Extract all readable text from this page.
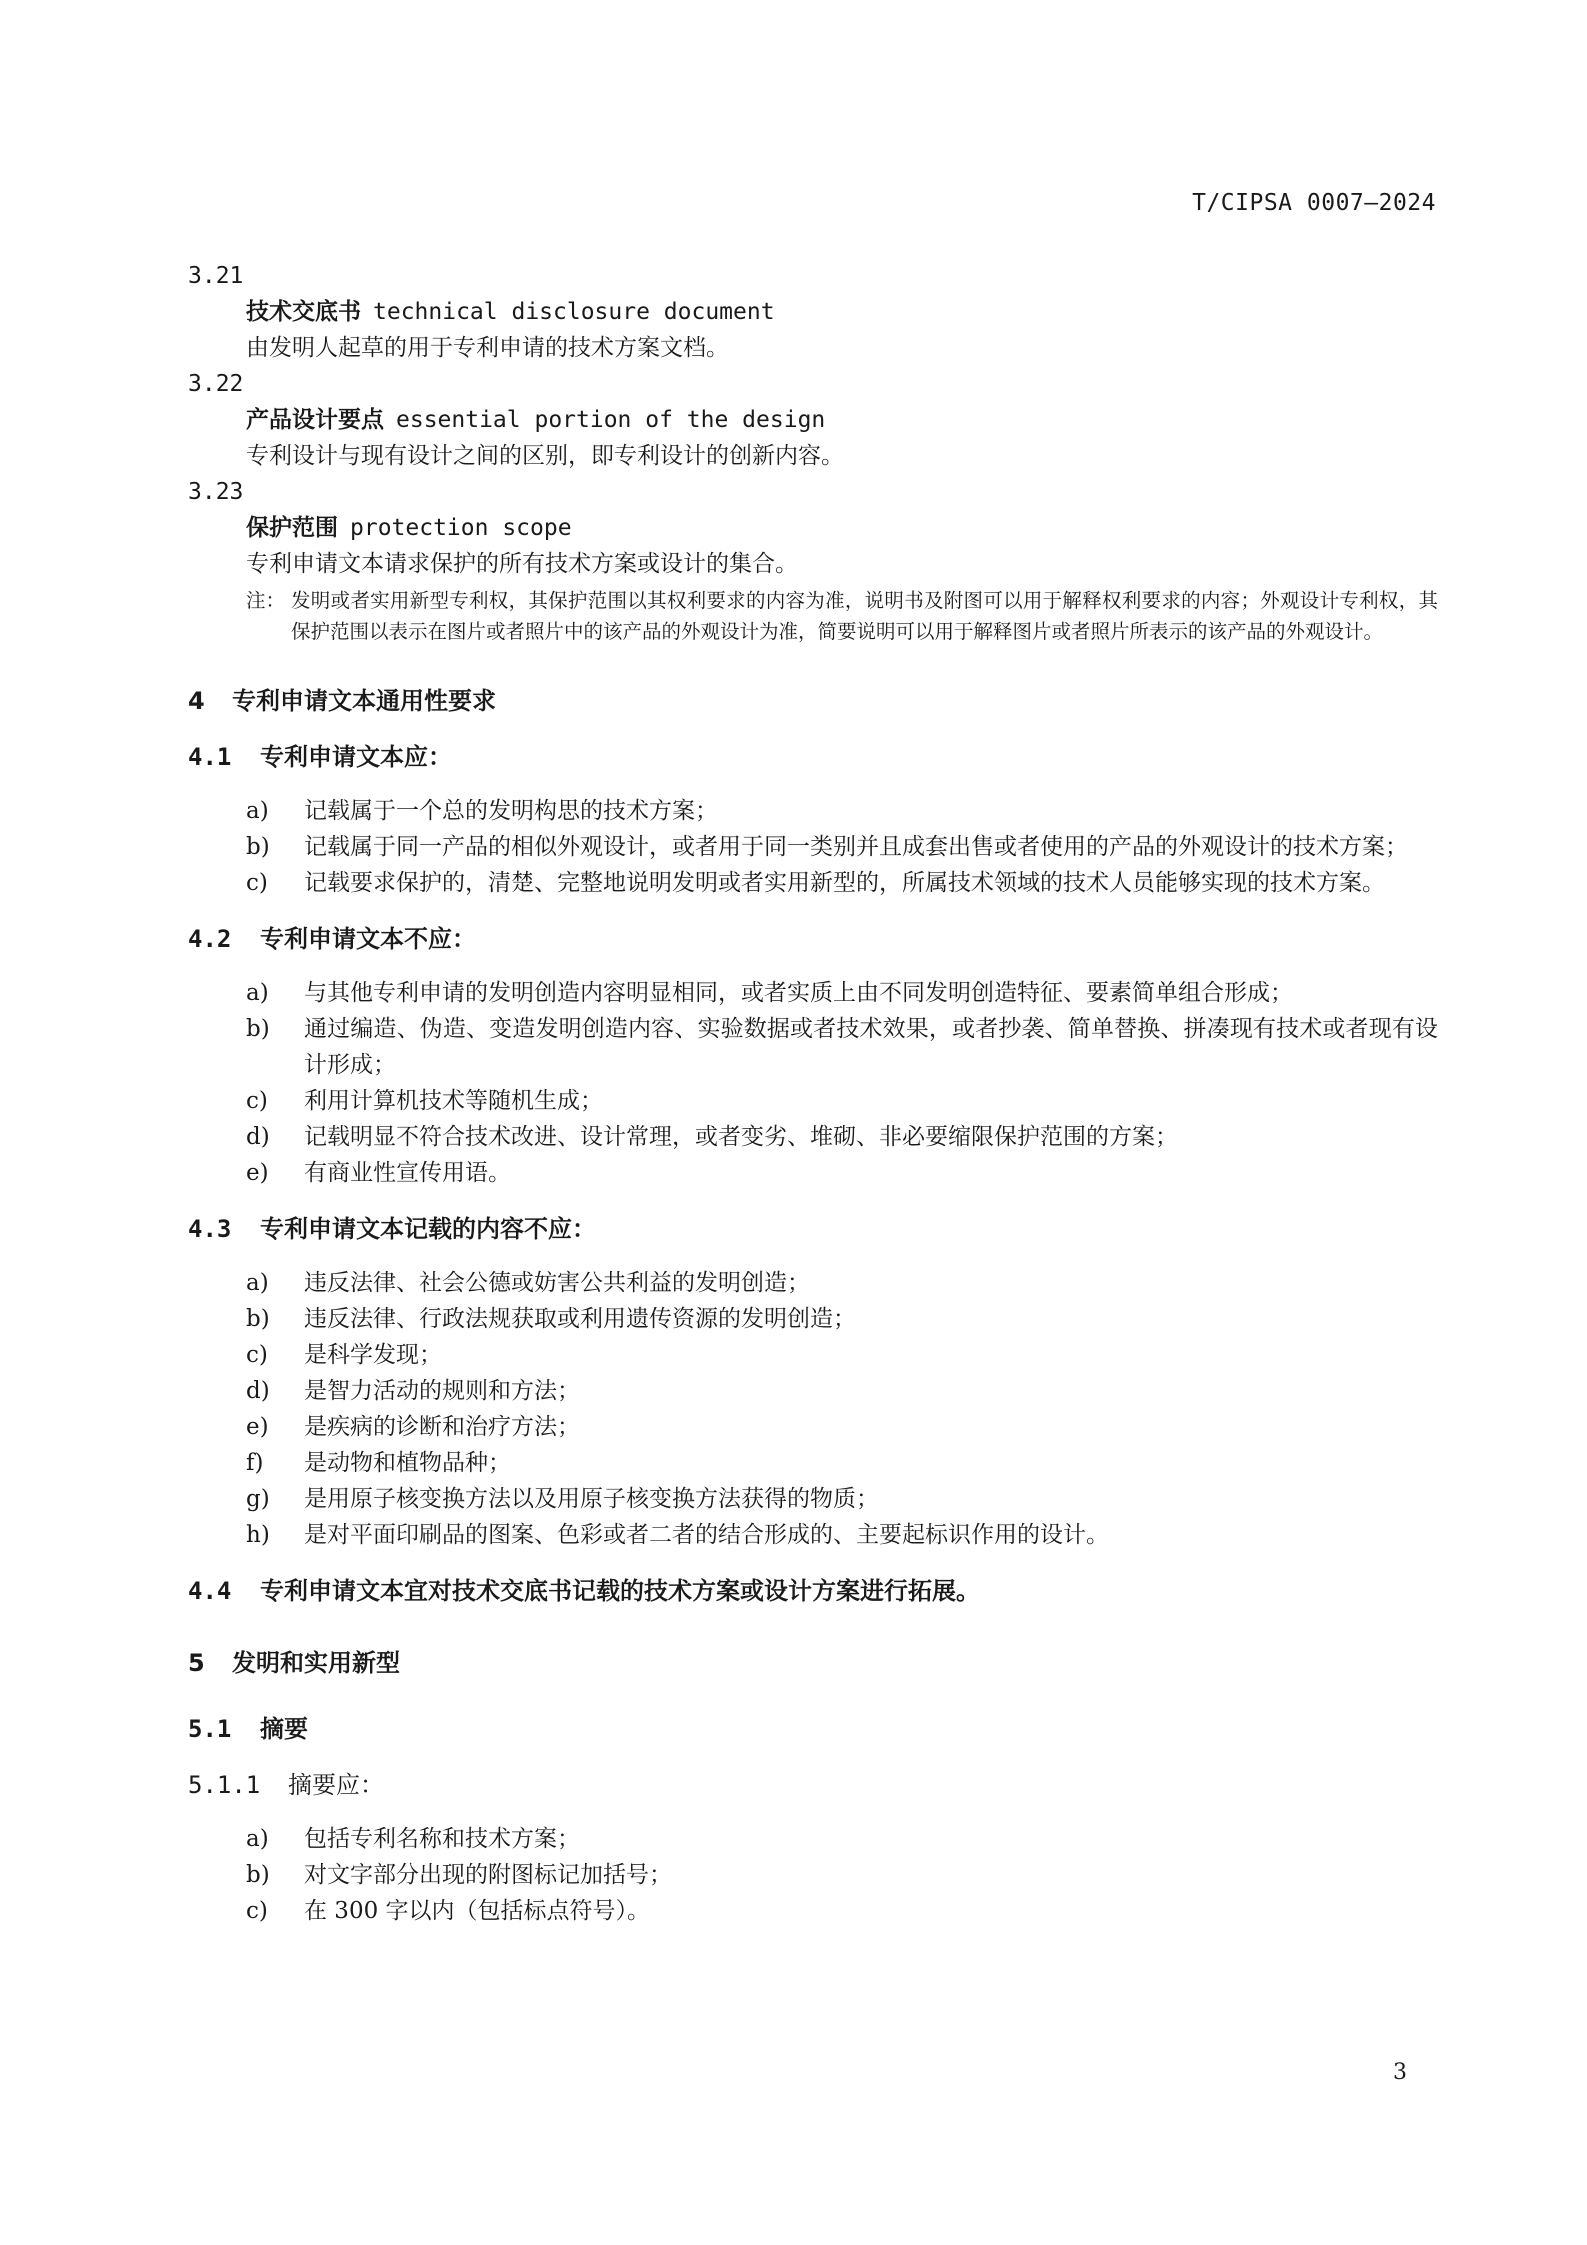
T/CIPSA 0007—2024
3.21
技术交底书 technical disclosure document
由发明人起草的用于专利申请的技术方案文档。
3.22
产品设计要点 essential portion of the design
专利设计与现有设计之间的区别，即专利设计的创新内容。
3.23
保护范围 protection scope
专利申请文本请求保护的所有技术方案或设计的集合。
注： 发明或者实用新型专利权，其保护范围以其权利要求的内容为准，说明书及附图可以用于解释权利要求的内容；外观设计专利权，其保护范围以表示在图片或者照片中的该产品的外观设计为准，简要说明可以用于解释图片或者照片所表示的该产品的外观设计。
4 专利申请文本通用性要求
4.1 专利申请文本应：
a)	记载属于一个总的发明构思的技术方案；
b)	记载属于同一产品的相似外观设计，或者用于同一类别并且成套出售或者使用的产品的外观设计的技术方案；
c)	记载要求保护的，清楚、完整地说明发明或者实用新型的，所属技术领域的技术人员能够实现的技术方案。
4.2 专利申请文本不应：
a)	与其他专利申请的发明创造内容明显相同，或者实质上由不同发明创造特征、要素简单组合形成；
b)	通过编造、伪造、变造发明创造内容、实验数据或者技术效果，或者抄袭、简单替换、拼凑现有技术或者现有设计形成；
c)	利用计算机技术等随机生成；
d)	记载明显不符合技术改进、设计常理，或者变劣、堆砌、非必要缩限保护范围的方案；
e)	有商业性宣传用语。
4.3 专利申请文本记载的内容不应：
a)	违反法律、社会公德或妨害公共利益的发明创造；
b)	违反法律、行政法规获取或利用遗传资源的发明创造；
c)	是科学发现；
d)	是智力活动的规则和方法；
e)	是疾病的诊断和治疗方法；
f)	是动物和植物品种；
g)	是用原子核变换方法以及用原子核变换方法获得的物质；
h)	是对平面印刷品的图案、色彩或者二者的结合形成的、主要起标识作用的设计。
4.4 专利申请文本宜对技术交底书记载的技术方案或设计方案进行拓展。
5 发明和实用新型
5.1 摘要
5.1.1 摘要应：
a)	包括专利名称和技术方案；
b)	对文字部分出现的附图标记加括号；
c)	在 300 字以内（包括标点符号）。
3
